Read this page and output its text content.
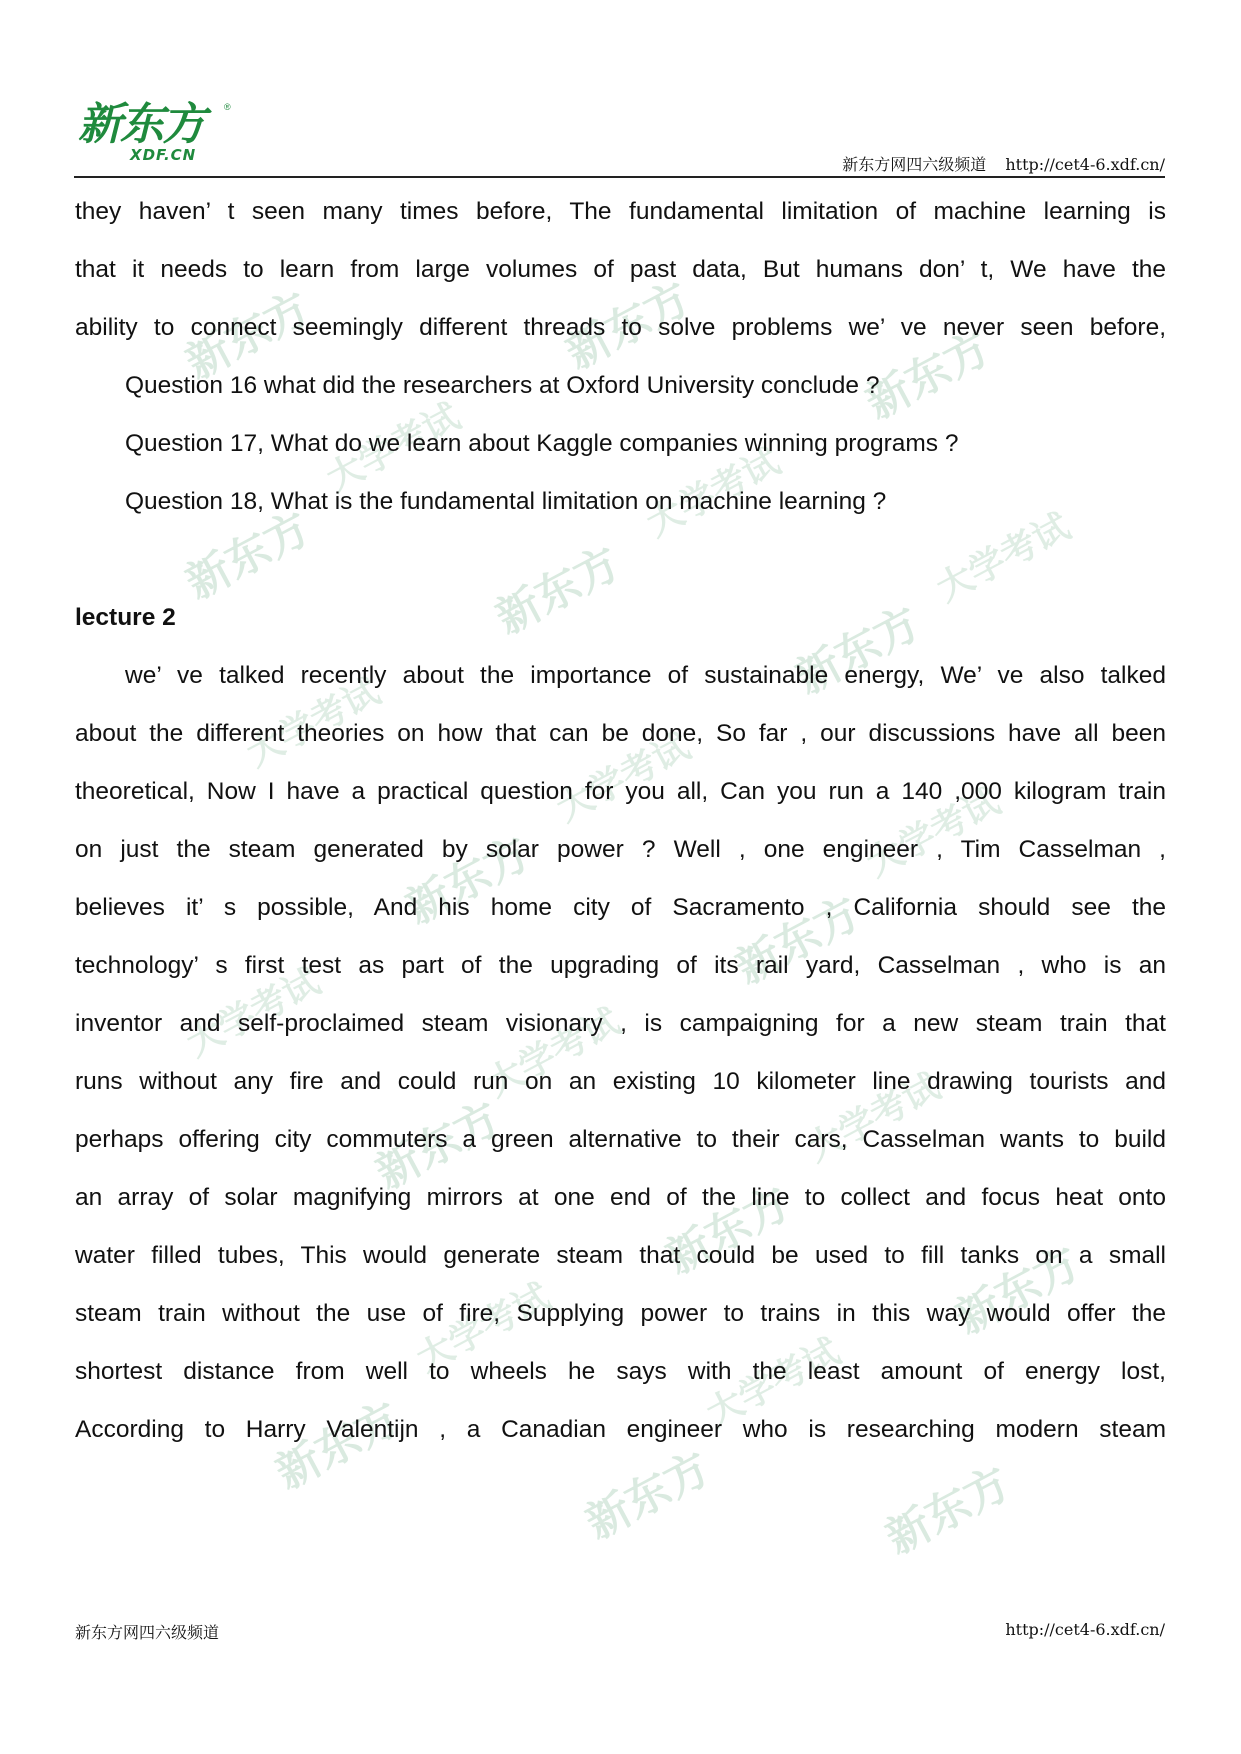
新东方	新东方	新东方
大学考试	大学考试
新东方	新东方	大学考试
新东方
大学考试
大学考试
大学考试
新东方
新东方
大学考试	大学考试
新东方	大学考试
新东方
新东方
大学考试
大学考试
新东方	新东方	新东方
新东方 ®
XDF.CN	新东方网四六级频道 http://cet4-6.xdf.cn/
they haven’ t seen many times before, The fundamental limitation of machine learning is
that it needs to learn from large volumes of past data, But humans don’ t, We have the
ability to connect seemingly different threads to solve problems we’ ve never seen before,
Question 16 what did the researchers at Oxford University conclude ?
Question 17, What do we learn about Kaggle companies winning programs ?
Question 18, What is the fundamental limitation on machine learning ?
lecture 2
we’ ve talked recently about the importance of sustainable energy, We’ ve also talked
about the different theories on how that can be done, So far , our discussions have all been
theoretical, Now I have a practical question for you all, Can you run a 140 ,000 kilogram train
on just the steam generated by solar power ? Well , one engineer , Tim Casselman ,
believes it’ s possible, And his home city of Sacramento , California should see the
technology’ s first test as part of the upgrading of its rail yard, Casselman , who is an
inventor and self-proclaimed steam visionary , is campaigning for a new steam train that
runs without any fire and could run on an existing 10 kilometer line drawing tourists and
perhaps offering city commuters a green alternative to their cars, Casselman wants to build
an array of solar magnifying mirrors at one end of the line to collect and focus heat onto
water filled tubes, This would generate steam that could be used to fill tanks on a small
steam train without the use of fire, Supplying power to trains in this way would offer the
shortest distance from well to wheels he says with the least amount of energy lost,
According to Harry Valentijn , a Canadian engineer who is researching modern steam
新东方网四六级频道	http://cet4-6.xdf.cn/
